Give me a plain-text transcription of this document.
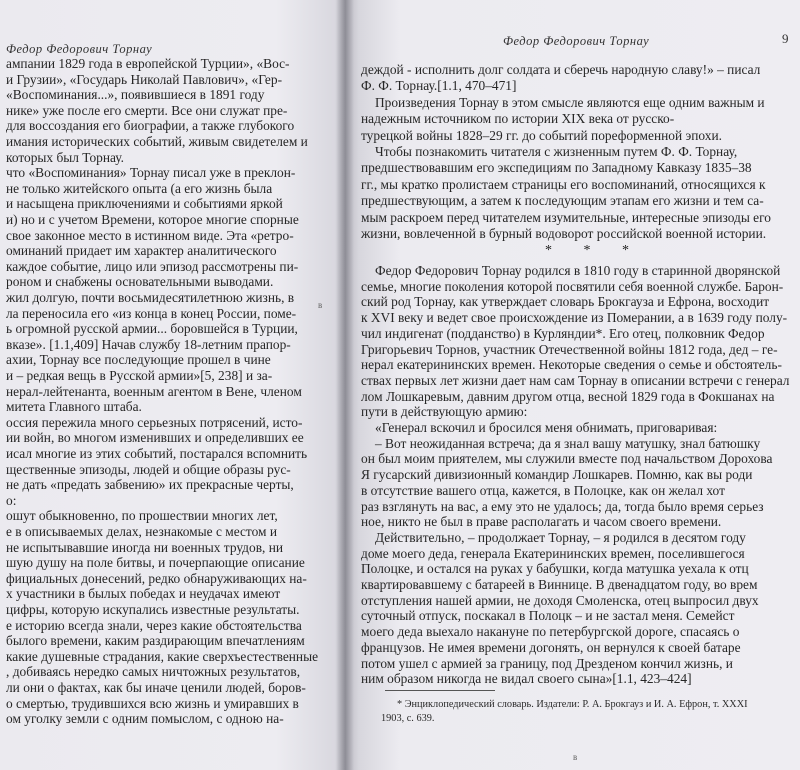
Федор Федорович Торнау
ампании 1829 года в европейской Турции», «Вос-
и Грузии», «Государь Николай Павлович», «Гер-
«Воспоминания...», появившиеся в 1891 году
нике» уже после его смерти. Все они служат пре-
для воссоздания его биографии, а также глубокого
имания исторических событий, живым свидетелем и
которых был Торнау.
что «Воспоминания» Торнау писал уже в преклон-
не только житейского опыта (а его жизнь была
и насыщена приключениями и событиями яркой
и) но и с учетом Времени, которое многие спорные
свое законное место в истинном виде. Эта «ретро-
оминаний придает им характер аналитического
каждое событие, лицо или эпизод рассмотрены пи-
роном и снабжены основательными выводами.
жил долгую, почти восьмидесятилетнюю жизнь, в
ла переносила его «из конца в конец России, поме-
ь огромной русской армии... боровшейся в Турции,
вказе». [1.1,409] Начав службу 18-летним прапор-
ахии, Торнау все последующие прошел в чине
и – редкая вещь в Русской армии»[5, 238] и за-
нерал-лейтенанта, военным агентом в Вене, членом
митета Главного штаба.
оссия пережила много серьезных потрясений, исто-
ии войн, во многом изменивших и определивших ее
исал многие из этих событий, постарался вспомнить
щественные эпизоды, людей и общие образы рус-
не дать «предать забвению» их прекрасные черты,
о:
ошут обыкновенно, по прошествии многих лет,
е в описываемых делах, незнакомые с местом и
не испытывавшие иногда ни военных трудов, ни
шую душу на поле битвы, и почерпающие описание
фициальных донесений, редко обнаруживающих на-
х участники в былых победах и неудачах имеют
цифры, которую искупались известные результаты.
е историю всегда знали, через какие обстоятельства
былого времени, каким раздирающим впечатлениям
какие душевные страдания, какие сверхъестественные
, добиваясь нередко самых ничтожных результатов,
ли они о фактах, как бы иначе ценили людей, боров-
о смертью, трудившихся всю жизнь и умиравших в
ом уголку земли с одним помыслом, с одною на-
в
Федор Федорович Торнау	9
деждой - исполнить долг солдата и сберечь народную славу!» – писал
Ф. Ф. Торнау.[1.1, 470–471]
Произведения Торнау в этом смысле являются еще одним важным и
надежным источником по истории XIX века от русско-
турецкой войны 1828–29 гг. до событий пореформенной эпохи.
Чтобы познакомить читателя с жизненным путем Ф. Ф. Торнау,
предшествовавшим его экспедициям по Западному Кавказу 1835–38
гг., мы кратко пролистаем страницы его воспоминаний, относящихся к
предшествующим, а затем к последующим этапам его жизни и тем са-
мым раскроем перед читателем изумительные, интересные эпизоды его
жизни, вовлеченной в бурный водоворот российской военной истории.
* * *
Федор Федорович Торнау родился в 1810 году в старинной дворянской
семье, многие поколения которой посвятили себя военной службе. Барон-
ский род Торнау, как утверждает словарь Брокгауза и Ефрона, восходит
к XVI веку и ведет свое происхождение из Померании, а в 1639 году полу-
чил индигенат (подданство) в Курляндии*. Его отец, полковник Федор
Григорьевич Торнов, участник Отечественной войны 1812 года, дед – ге-
нерал екатерининских времен. Некоторые сведения о семье и обстоятель-
ствах первых лет жизни дает нам сам Торнау в описании встречи с генерал
лом Лошкаревым, давним другом отца, весной 1829 года в Фокшанах на
пути в действующую армию:
«Генерал вскочил и бросился меня обнимать, приговаривая:
– Вот неожиданная встреча; да я знал вашу матушку, знал батюшку
он был моим приятелем, мы служили вместе под начальством Дорохова
Я гусарский дивизионный командир Лошкарев. Помню, как вы роди
в отсутствие вашего отца, кажется, в Полоцке, как он желал хот
раз взглянуть на вас, а ему это не удалось; да, тогда было время серьез
ное, никто не был в праве располагать и часом своего времени.
Действительно, – продолжает Торнау, – я родился в десятом году
доме моего деда, генерала Екатерининских времен, поселившегося
Полоцке, и остался на руках у бабушки, когда матушка уехала к отц
квартировавшему с батареей в Виннице. В двенадцатом году, во врем
отступления нашей армии, не доходя Смоленска, отец выпросил двух
суточный отпуск, поскакал в Полоцк – и не застал меня. Семейст
моего деда выехало накануне по петербургской дороге, спасаясь о
французов. Не имея времени догонять, он вернулся к своей батаре
потом ушел с армией за границу, под Дрезденом кончил жизнь, и
ним образом никогда не видал своего сына»[1.1, 423–424]
* Энциклопедический словарь. Издатели: Р. А. Брокгауз и И. А. Ефрон, т. XXXI
1903, с. 639.
в
